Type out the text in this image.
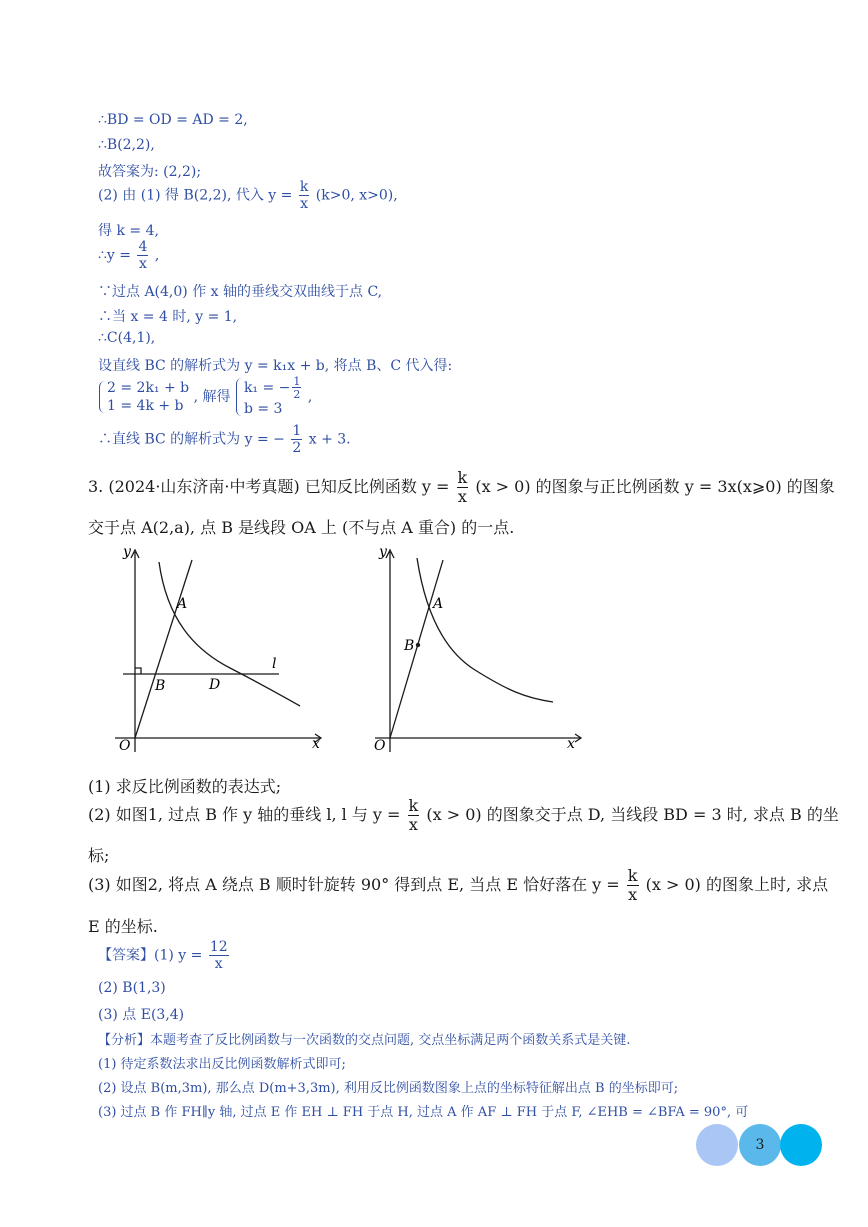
∴BD = OD = AD = 2,
∴B(2,2),
故答案为: (2,2);
(2) 由 (1) 得 B(2,2), 代入 $y = \frac{k}{x} (k>0$, x>0),
得 k = 4,
∴y = $\frac{4}{x}$ ,
∵过点 A(4,0) 作 x 轴的垂线交双曲线于点 C,
∴当 x = 4 时, y = 1,
∴C(4,1),
设直线 BC 的解析式为 y = k₁x + b, 将点 B、C 代入得:
2 = 2k₁ + b
1 = 4k + b
, 解得
k₁ = − $\frac{1}{2}$
b = 3
,
∴直线 BC 的解析式为 y = − $\frac{1}{2}$ x + 3.
3. (2024·山东济南·中考真题) 已知反比例函数 $y = \frac{k}{x} (x > 0)$ 的图象与正比例函数 y = 3x(x⩾0) 的图象
交于点 A(2,a), 点 B 是线段 OA 上 (不与点 A 重合) 的一点.
y
x
O
A
B	D
l
y
x
O
A
B
(1) 求反比例函数的表达式;
(2) 如图1, 过点 B 作 y 轴的垂线 l, l 与 $y = \frac{k}{x} (x > 0)$ 的图象交于点 D, 当线段 BD = 3 时, 求点 B 的坐
标;
(3) 如图2, 将点 A 绕点 B 顺时针旋转 90° 得到点 E, 当点 E 恰好落在 $y = \frac{k}{x} (x > 0)$ 的图象上时, 求点
E 的坐标.
【答案】(1) $y = \frac{12}{x}$
(2) B(1,3)
(3) 点 E(3,4)
【分析】本题考查了反比例函数与一次函数的交点问题, 交点坐标满足两个函数关系式是关键.
(1) 待定系数法求出反比例函数解析式即可;
(2) 设点 B(m,3m), 那么点 D(m+3,3m), 利用反比例函数图象上点的坐标特征解出点 B 的坐标即可;
(3) 过点 B 作 FH∥y 轴, 过点 E 作 EH ⊥ FH 于点 H, 过点 A 作 AF ⊥ FH 于点 F, ∠EHB = ∠BFA = 90°, 可
3
